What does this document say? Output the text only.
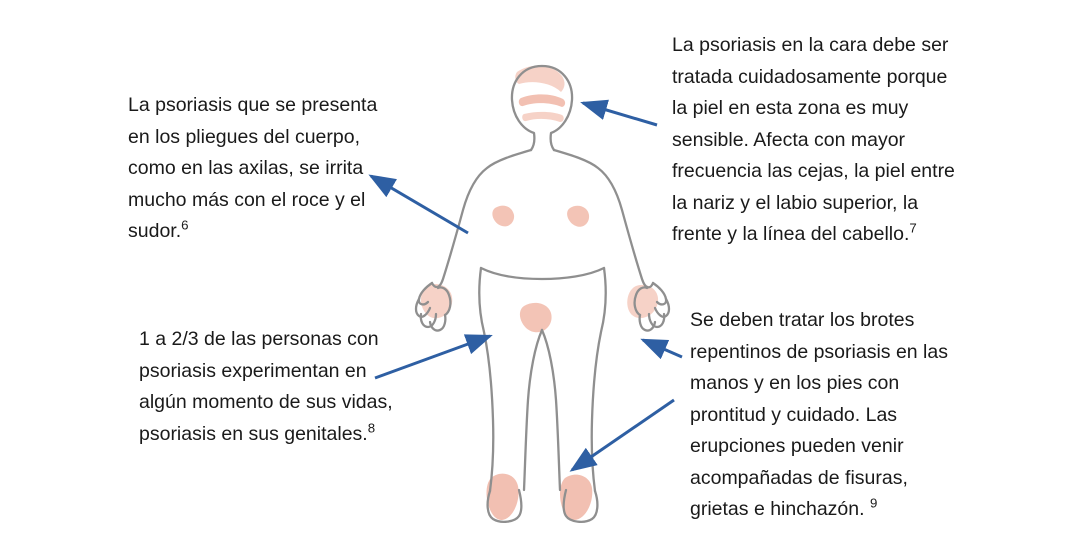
La psoriasis en la cara debe ser tratada cuidadosamente porque la piel en esta zona es muy sensible. Afecta con mayor frecuencia las cejas, la piel entre la nariz y el labio superior, la frente y la línea del cabello.$^7$
La psoriasis que se presenta en los pliegues del cuerpo, como en las axilas, se irrita mucho más con el roce y el sudor.$^6$
1 a 2/3 de las personas con psoriasis experimentan en algún momento de sus vidas, psoriasis en sus genitales.$^8$
Se deben tratar los brotes repentinos de psoriasis en las manos y en los pies con prontitud y cuidado. Las erupciones pueden venir acompañadas de fisuras, grietas e hinchazón. $^9$
